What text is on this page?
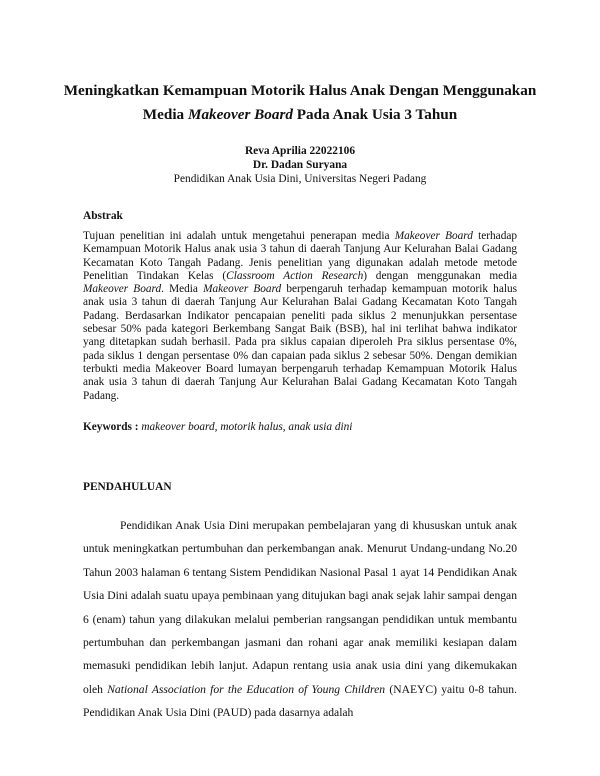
Meningkatkan Kemampuan Motorik Halus Anak Dengan Menggunakan
Media Makeover Board Pada Anak Usia 3 Tahun
Reva Aprilia 22022106
Dr. Dadan Suryana
Pendidikan Anak Usia Dini, Universitas Negeri Padang
Abstrak
Tujuan penelitian ini adalah untuk mengetahui penerapan media Makeover Board terhadap Kemampuan Motorik Halus anak usia 3 tahun di daerah Tanjung Aur Kelurahan Balai Gadang Kecamatan Koto Tangah Padang. Jenis penelitian yang digunakan adalah metode metode Penelitian Tindakan Kelas (Classroom Action Research) dengan menggunakan media Makeover Board. Media Makeover Board berpengaruh terhadap kemampuan motorik halus anak usia 3 tahun di daerah Tanjung Aur Kelurahan Balai Gadang Kecamatan Koto Tangah Padang. Berdasarkan Indikator pencapaian peneliti pada siklus 2 menunjukkan persentase sebesar 50% pada kategori Berkembang Sangat Baik (BSB), hal ini terlihat bahwa indikator yang ditetapkan sudah berhasil. Pada pra siklus capaian diperoleh Pra siklus persentase 0%, pada siklus 1 dengan persentase 0% dan capaian pada siklus 2 sebesar 50%. Dengan demikian terbukti media Makeover Board lumayan berpengaruh terhadap Kemampuan Motorik Halus anak usia 3 tahun di daerah Tanjung Aur Kelurahan Balai Gadang Kecamatan Koto Tangah Padang.
Keywords : makeover board, motorik halus, anak usia dini
PENDAHULUAN
Pendidikan Anak Usia Dini merupakan pembelajaran yang di khususkan untuk anak untuk meningkatkan pertumbuhan dan perkembangan anak. Menurut Undang-undang No.20 Tahun 2003 halaman 6 tentang Sistem Pendidikan Nasional Pasal 1 ayat 14 Pendidikan Anak Usia Dini adalah suatu upaya pembinaan yang ditujukan bagi anak sejak lahir sampai dengan 6 (enam) tahun yang dilakukan melalui pemberian rangsangan pendidikan untuk membantu pertumbuhan dan perkembangan jasmani dan rohani agar anak memiliki kesiapan dalam memasuki pendidikan lebih lanjut. Adapun rentang usia anak usia dini yang dikemukakan oleh National Association for the Education of Young Children (NAEYC) yaitu 0-8 tahun. Pendidikan Anak Usia Dini (PAUD) pada dasarnya adalah
